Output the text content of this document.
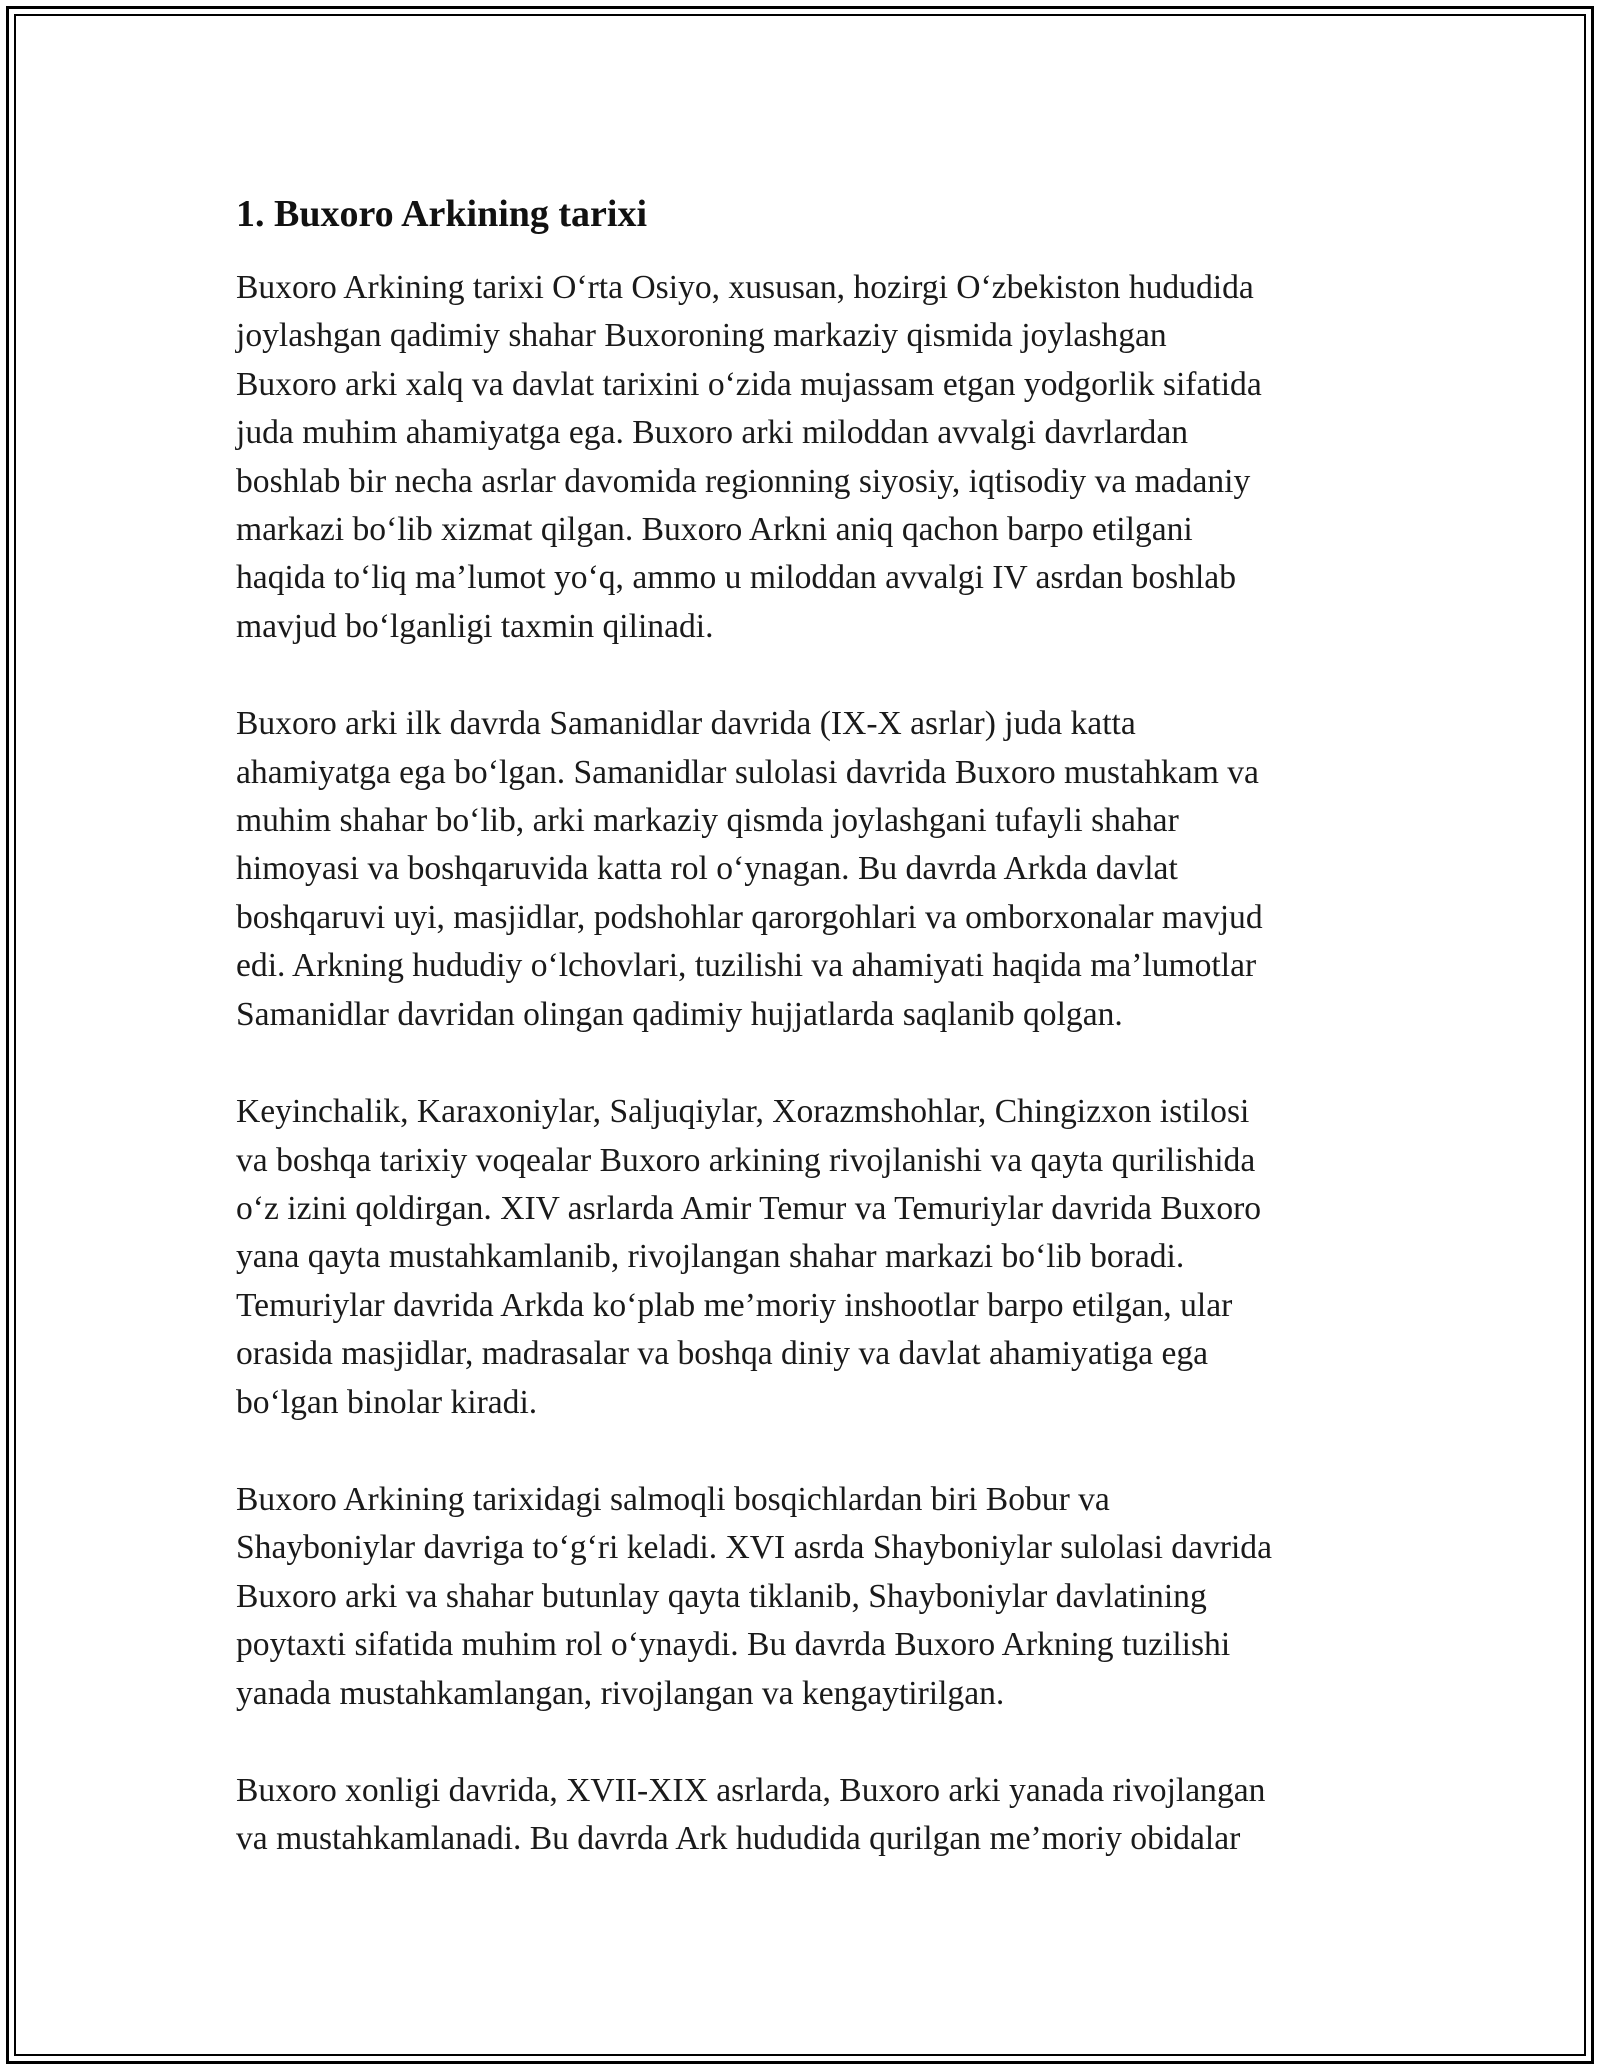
1. Buxoro Arkining tarixi

Buxoro Arkining tarixi O‘rta Osiyo, xususan, hozirgi O‘zbekiston hududida
joylashgan qadimiy shahar Buxoroning markaziy qismida joylashgan
Buxoro arki xalq va davlat tarixini o‘zida mujassam etgan yodgorlik sifatida
juda muhim ahamiyatga ega. Buxoro arki miloddan avvalgi davrlardan
boshlab bir necha asrlar davomida regionning siyosiy, iqtisodiy va madaniy
markazi bo‘lib xizmat qilgan. Buxoro Arkni aniq qachon barpo etilgani
haqida to‘liq ma’lumot yo‘q, ammo u miloddan avvalgi IV asrdan boshlab
mavjud bo‘lganligi taxmin qilinadi.

Buxoro arki ilk davrda Samanidlar davrida (IX-X asrlar) juda katta
ahamiyatga ega bo‘lgan. Samanidlar sulolasi davrida Buxoro mustahkam va
muhim shahar bo‘lib, arki markaziy qismda joylashgani tufayli shahar
himoyasi va boshqaruvida katta rol o‘ynagan. Bu davrda Arkda davlat
boshqaruvi uyi, masjidlar, podshohlar qarorgohlari va omborxonalar mavjud
edi. Arkning hududiy o‘lchovlari, tuzilishi va ahamiyati haqida ma’lumotlar
Samanidlar davridan olingan qadimiy hujjatlarda saqlanib qolgan.

Keyinchalik, Karaxoniylar, Saljuqiylar, Xorazmshohlar, Chingizxon istilosi
va boshqa tarixiy voqealar Buxoro arkining rivojlanishi va qayta qurilishida
o‘z izini qoldirgan. XIV asrlarda Amir Temur va Temuriylar davrida Buxoro
yana qayta mustahkamlanib, rivojlangan shahar markazi bo‘lib boradi.
Temuriylar davrida Arkda ko‘plab me’moriy inshootlar barpo etilgan, ular
orasida masjidlar, madrasalar va boshqa diniy va davlat ahamiyatiga ega
bo‘lgan binolar kiradi.

Buxoro Arkining tarixidagi salmoqli bosqichlardan biri Bobur va
Shayboniylar davriga to‘g‘ri keladi. XVI asrda Shayboniylar sulolasi davrida
Buxoro arki va shahar butunlay qayta tiklanib, Shayboniylar davlatining
poytaxti sifatida muhim rol o‘ynaydi. Bu davrda Buxoro Arkning tuzilishi
yanada mustahkamlangan, rivojlangan va kengaytirilgan.

Buxoro xonligi davrida, XVII-XIX asrlarda, Buxoro arki yanada rivojlangan
va mustahkamlanadi. Bu davrda Ark hududida qurilgan me’moriy obidalar
